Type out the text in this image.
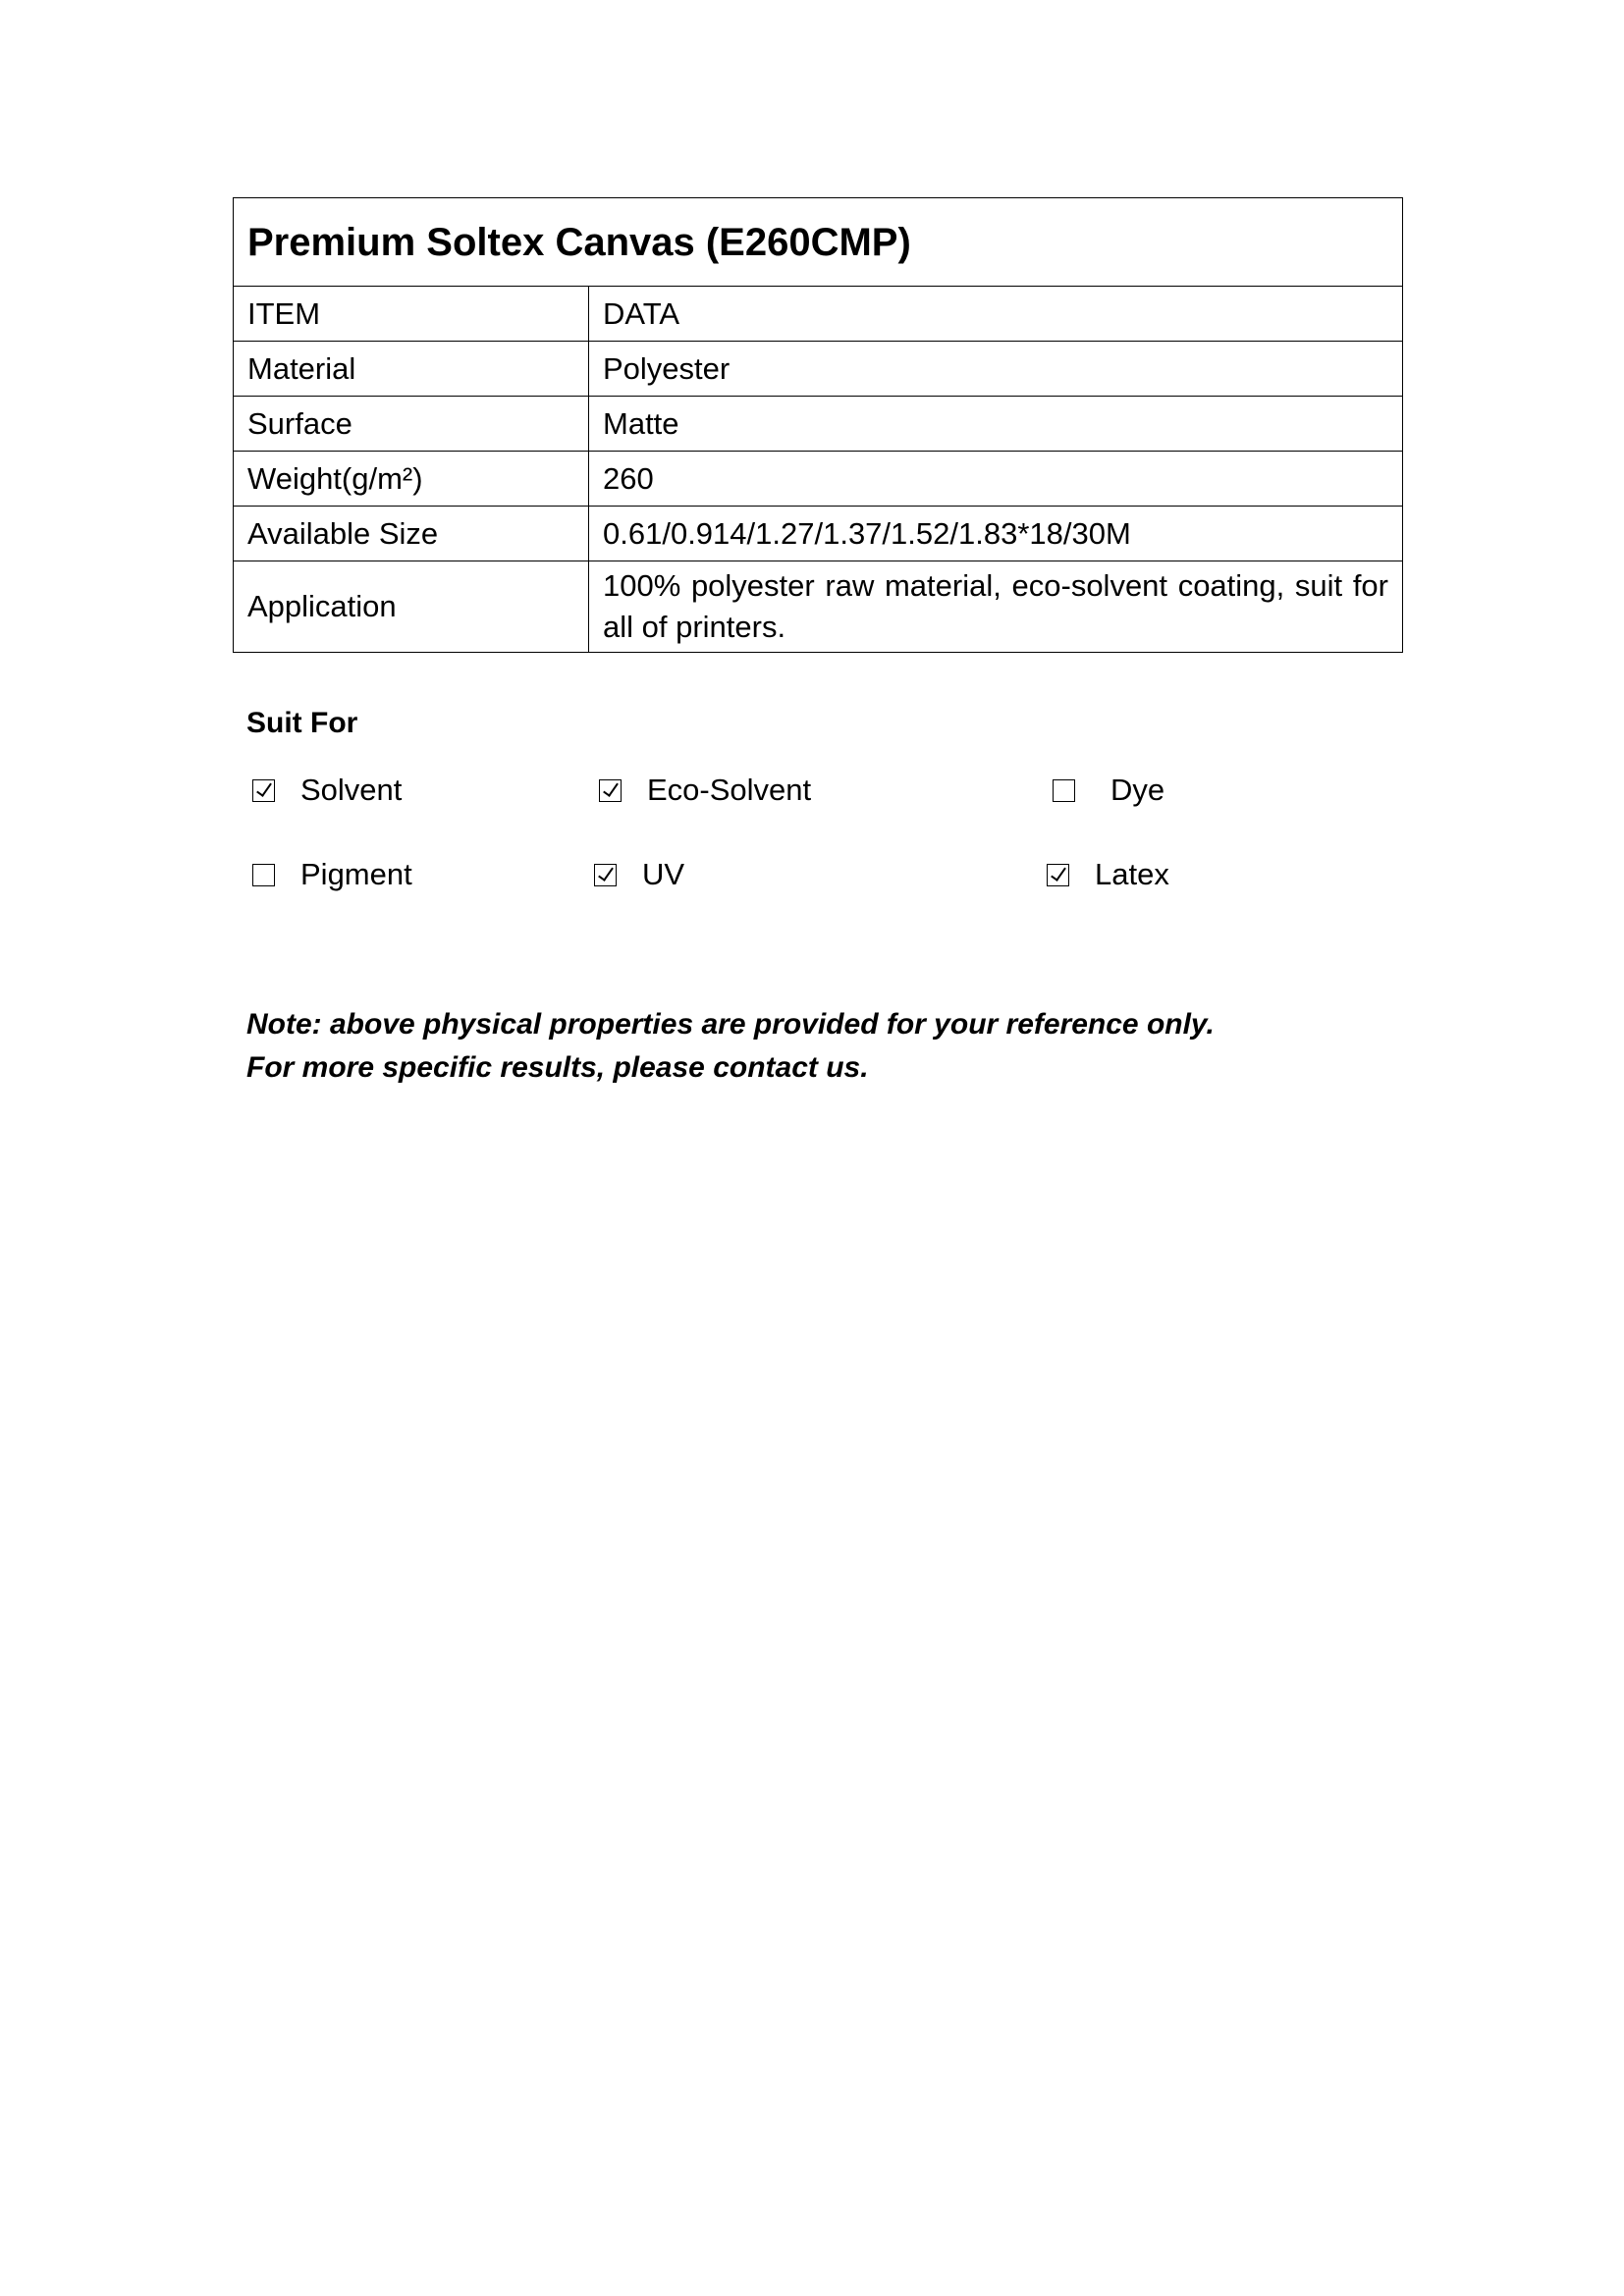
Premium Soltex Canvas (E260CMP)	
ITEM	DATA
Material	Polyester
Surface	Matte
Weight(g/m²)	260
Available Size	0.61/0.914/1.27/1.37/1.52/1.83*18/30M
Application	100% polyester raw material, eco-solvent coating, suit for all of printers.
Suit For
Solvent	Eco-Solvent	Dye
Pigment	UV	Latex
Note: above physical properties are provided for your reference only.
For more specific results, please contact us.
